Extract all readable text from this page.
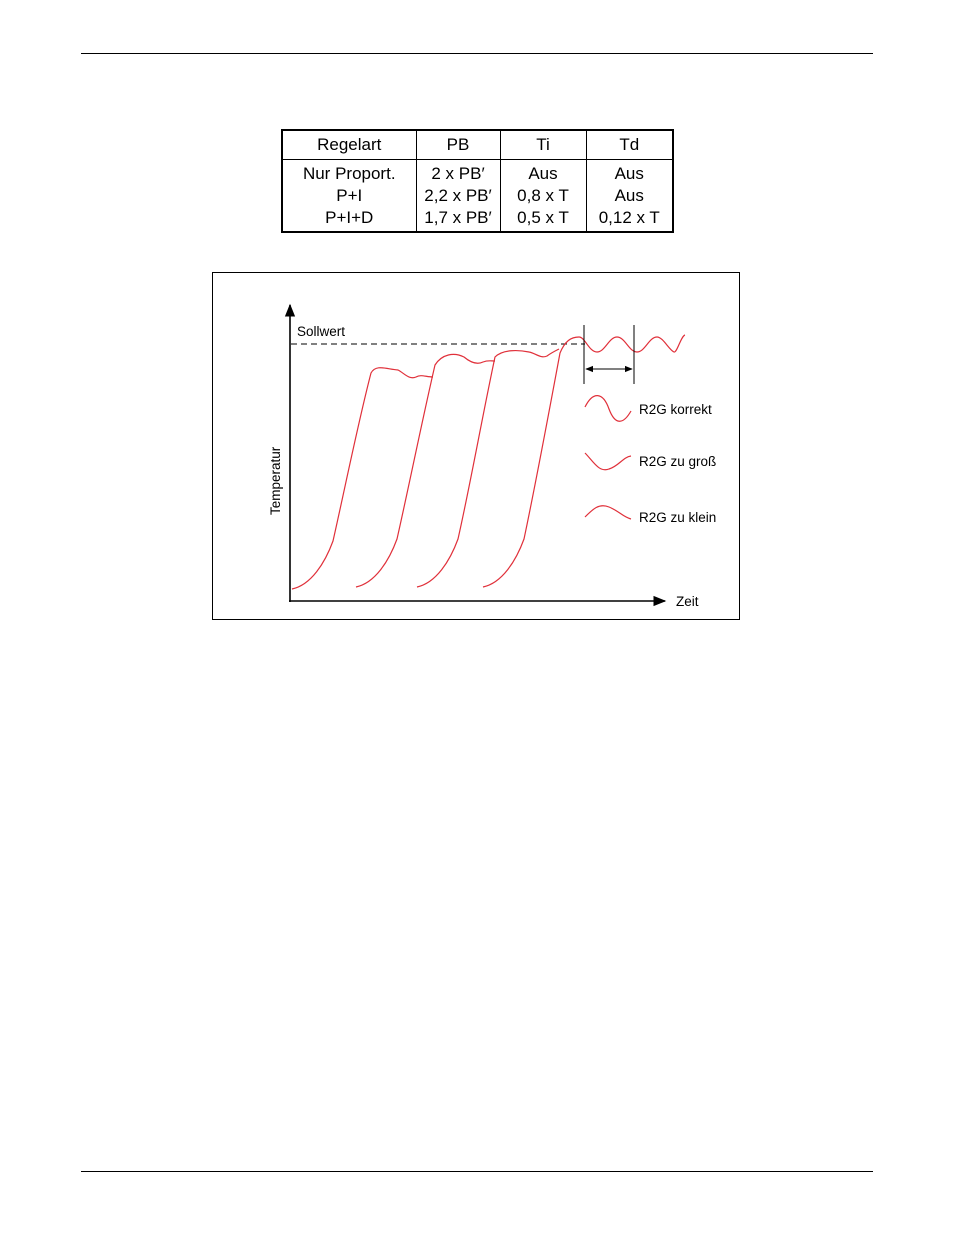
Regelart	PB	Ti	Td
Nur Proport.	2 x PB′	Aus	Aus
P+I	2,2 x PB′	0,8 x T	Aus
P+I+D	1,7 x PB′	0,5 x T	0,12 x T
Sollwert
Temperatur
Zeit
R2G korrekt
R2G zu groß
R2G zu klein
